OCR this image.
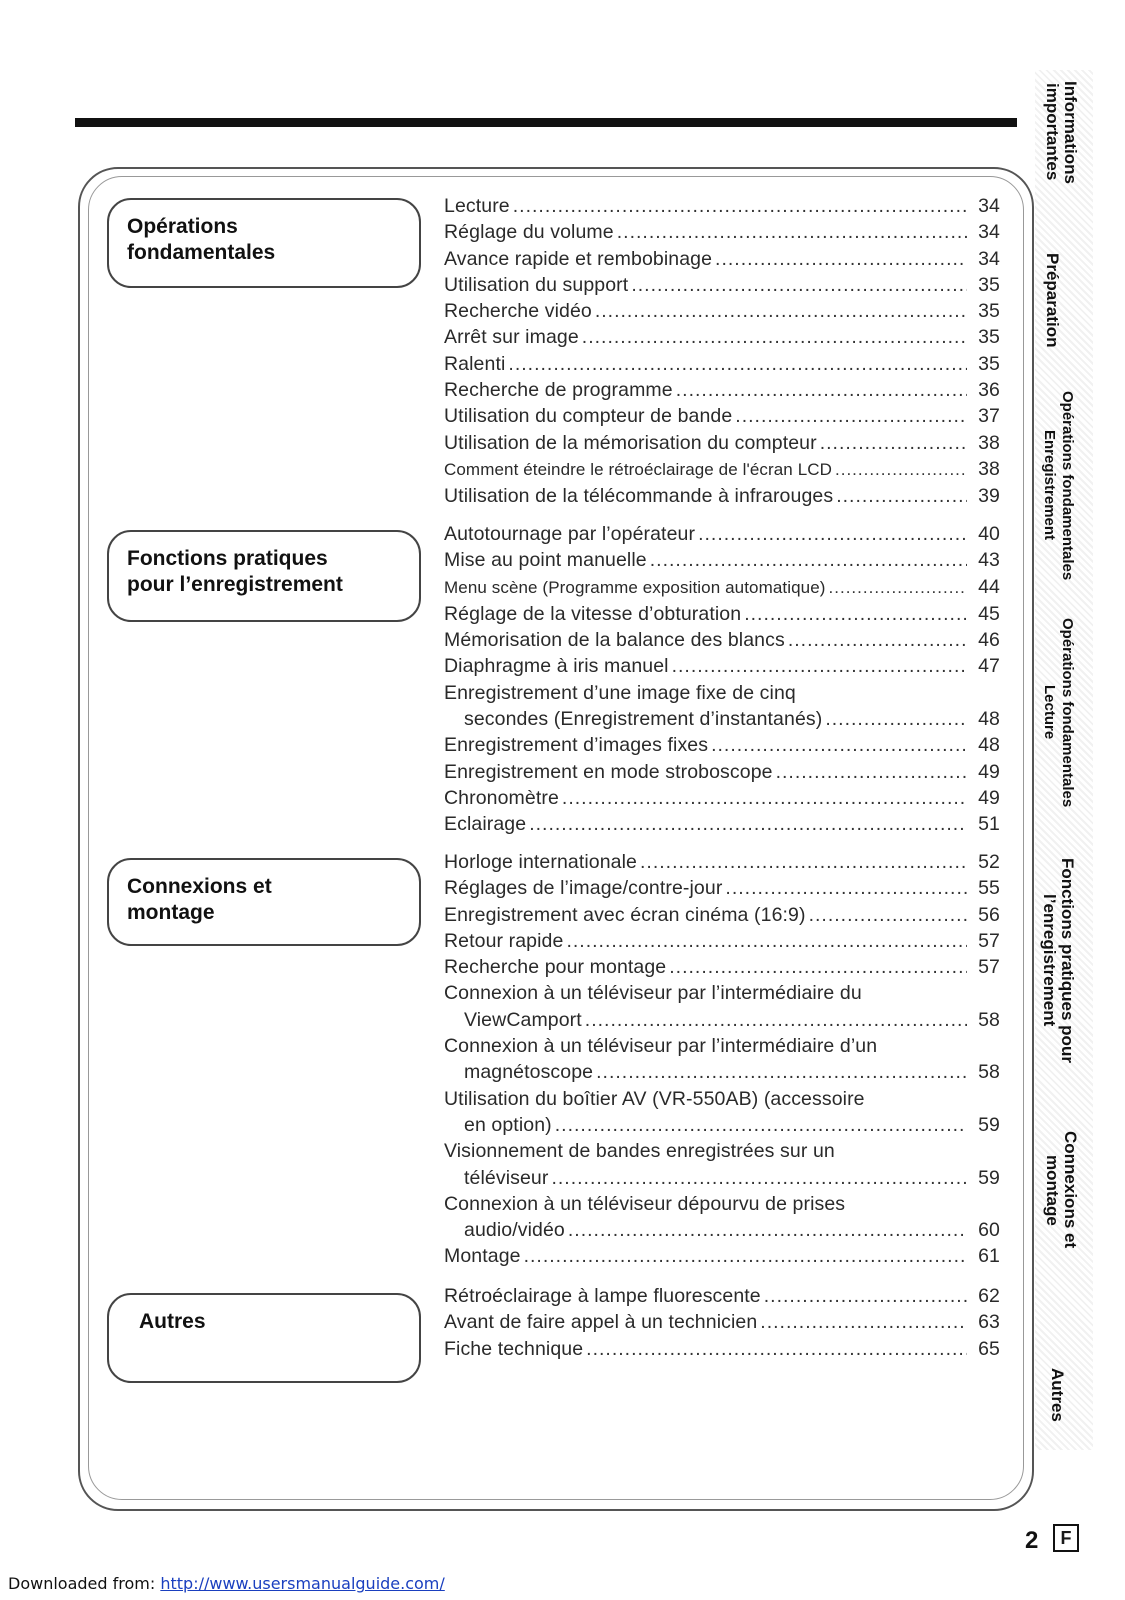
Opérations
fondamentales
Fonctions pratiques
pour l’enregistrement
Connexions et
montage
Autres
Lecture .....	34
Réglage du volume .....	34
Avance rapide et rembobinage .....	34
Utilisation du support .....	35
Recherche vidéo .....	35
Arrêt sur image .....	35
Ralenti .....	35
Recherche de programme .....	36
Utilisation du compteur de bande .....	37
Utilisation de la mémorisation du compteur .....	38
Comment éteindre le rétroéclairage de l'écran LCD .....	38
Utilisation de la télécommande à infrarouges .....	39
Autotournage par l’opérateur .....	40
Mise au point manuelle .....	43
Menu scène (Programme exposition automatique) .....	44
Réglage de la vitesse d’obturation .....	45
Mémorisation de la balance des blancs .....	46
Diaphragme à iris manuel .....	47
Enregistrement d’une image fixe de cinq
secondes (Enregistrement d’instantanés) .....	48
Enregistrement d’images fixes .....	48
Enregistrement en mode stroboscope .....	49
Chronomètre .....	49
Eclairage .....	51
Horloge internationale .....	52
Réglages de l’image/contre-jour .....	55
Enregistrement avec écran cinéma (16:9) .....	56
Retour rapide .....	57
Recherche pour montage .....	57
Connexion à un téléviseur par l’intermédiaire du
ViewCamport .....	58
Connexion à un téléviseur par l’intermédiaire d’un
magnétoscope .....	58
Utilisation du boîtier AV (VR-550AB) (accessoire
en option) .....	59
Visionnement de bandes enregistrées sur un
téléviseur .....	59
Connexion à un téléviseur dépourvu de prises
audio/vidéo .....	60
Montage .....	61
Rétroéclairage à lampe fluorescente .....	62
Avant de faire appel à un technicien .....	63
Fiche technique .....	65
Informations
importantes
Préparation
Opérations fondamentales
Enregistrement
Opérations fondamentales
Lecture
Fonctions pratiques pour
l’enregistrement
Connexions et
montage
Autres
2	F
Downloaded from: http://www.usersmanualguide.com/
